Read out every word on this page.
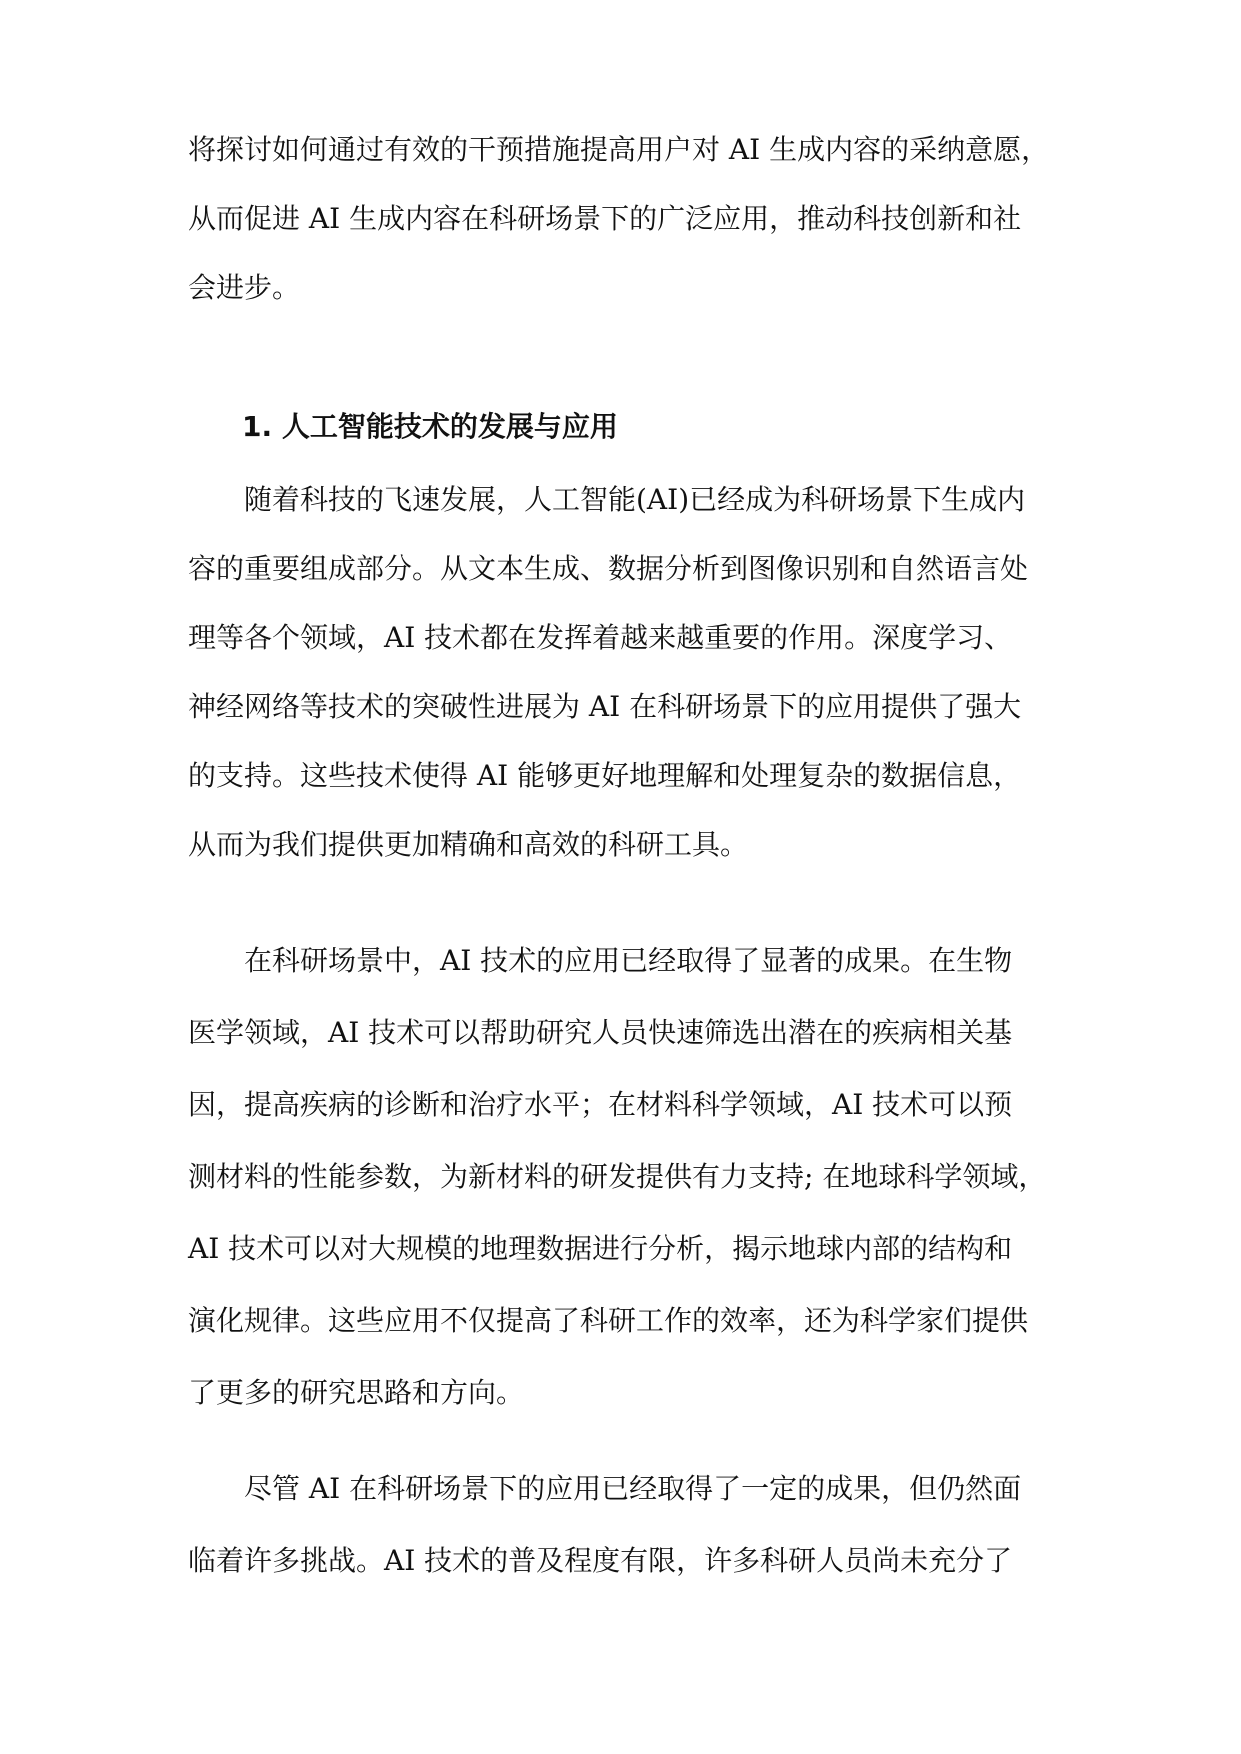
将探讨如何通过有效的干预措施提高用户对 AI 生成内容的采纳意愿，
从而促进 AI 生成内容在科研场景下的广泛应用，推动科技创新和社
会进步。
1. 人工智能技术的发展与应用
随着科技的飞速发展，人工智能(AI)已经成为科研场景下生成内
容的重要组成部分。从文本生成、数据分析到图像识别和自然语言处
理等各个领域，AI 技术都在发挥着越来越重要的作用。深度学习、
神经网络等技术的突破性进展为 AI 在科研场景下的应用提供了强大
的支持。这些技术使得 AI 能够更好地理解和处理复杂的数据信息，
从而为我们提供更加精确和高效的科研工具。
在科研场景中，AI 技术的应用已经取得了显著的成果。在生物
医学领域，AI 技术可以帮助研究人员快速筛选出潜在的疾病相关基
因，提高疾病的诊断和治疗水平；在材料科学领域，AI 技术可以预
测材料的性能参数，为新材料的研发提供有力支持; 在地球科学领域，
AI 技术可以对大规模的地理数据进行分析，揭示地球内部的结构和
演化规律。这些应用不仅提高了科研工作的效率，还为科学家们提供
了更多的研究思路和方向。
尽管 AI 在科研场景下的应用已经取得了一定的成果，但仍然面
临着许多挑战。AI 技术的普及程度有限，许多科研人员尚未充分了
